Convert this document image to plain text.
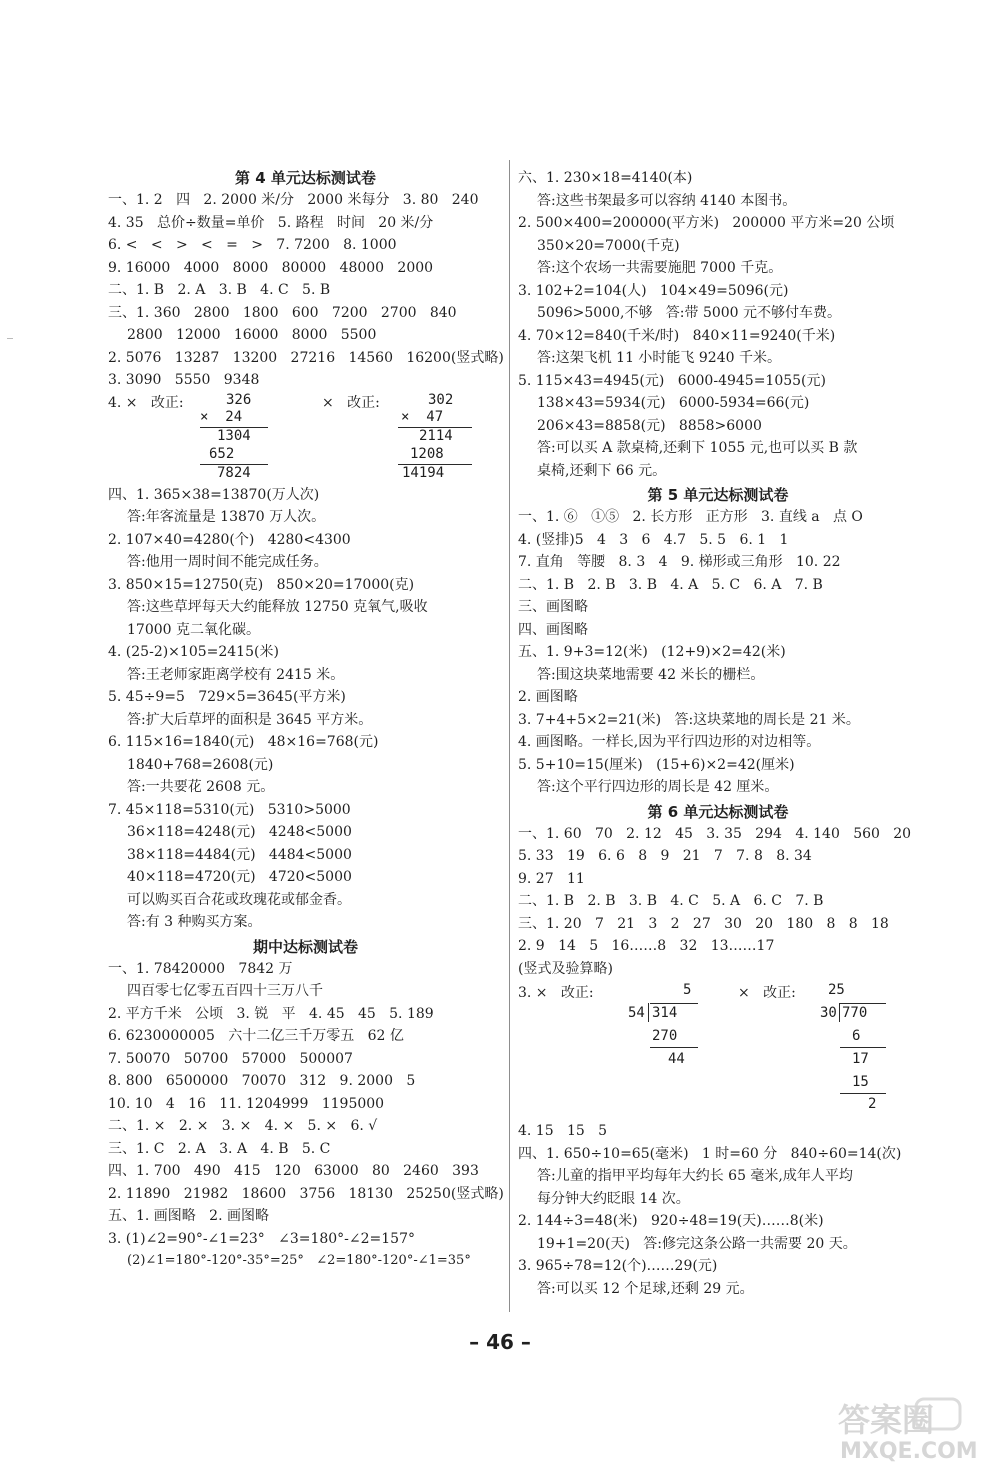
第 4 单元达标测试卷
一、1. 2   四   2. 2000 米/分   2000 米每分   3. 80   240
4. 35   总价÷数量=单价   5. 路程   时间   20 米/分
6. <   <   >   <   =   >   7. 7200   8. 1000
9. 16000   4000   8000   80000   48000   2000
二、1. B   2. A   3. B   4. C   5. B
三、1. 360   2800   1800   600   7200   2700   840
2800   12000   16000   8000   5500
2. 5076   13287   13200   27216   14560   16200(竖式略)
3. 3090   5550   9348
4. ×   改正:	326
×  24
1304
652
7824
×   改正:	302
×  47
2114
1208
14194
四、1. 365×38=13870(万人次)
答:年客流量是 13870 万人次。
2. 107×40=4280(个)   4280<4300
答:他用一周时间不能完成任务。
3. 850×15=12750(克)   850×20=17000(克)
答:这些草坪每天大约能释放 12750 克氧气,吸收
17000 克二氧化碳。
4. (25-2)×105=2415(米)
答:王老师家距离学校有 2415 米。
5. 45÷9=5   729×5=3645(平方米)
答:扩大后草坪的面积是 3645 平方米。
6. 115×16=1840(元)   48×16=768(元)
1840+768=2608(元)
答:一共要花 2608 元。
7. 45×118=5310(元)   5310>5000
36×118=4248(元)   4248<5000
38×118=4484(元)   4484<5000
40×118=4720(元)   4720<5000
可以购买百合花或玫瑰花或郁金香。
答:有 3 种购买方案。
期中达标测试卷
一、1. 78420000   7842 万
四百零七亿零五百四十三万八千
2. 平方千米   公顷   3. 锐   平   4. 45   45   5. 189
6. 6230000005   六十二亿三千万零五   62 亿
7. 50070   50700   57000   500007
8. 800   6500000   70070   312   9. 2000   5
10. 10   4   16   11. 1204999   1195000
二、1. ×   2. ×   3. ×   4. ×   5. ×   6. √
三、1. C   2. A   3. A   4. B   5. C
四、1. 700   490   415   120   63000   80   2460   393
2. 11890   21982   18600   3756   18130   25250(竖式略)
五、1. 画图略   2. 画图略
3. (1)∠2=90°-∠1=23°   ∠3=180°-∠2=157°
(2)∠1=180°-120°-35°=25°   ∠2=180°-120°-∠1=35°
六、1. 230×18=4140(本)
答:这些书架最多可以容纳 4140 本图书。
2. 500×400=200000(平方米)   200000 平方米=20 公顷
350×20=7000(千克)
答:这个农场一共需要施肥 7000 千克。
3. 102+2=104(人)   104×49=5096(元)
5096>5000,不够   答:带 5000 元不够付车费。
4. 70×12=840(千米/时)   840×11=9240(千米)
答:这架飞机 11 小时能飞 9240 千米。
5. 115×43=4945(元)   6000-4945=1055(元)
138×43=5934(元)   6000-5934=66(元)
206×43=8858(元)   8858>6000
答:可以买 A 款桌椅,还剩下 1055 元,也可以买 B 款
桌椅,还剩下 66 元。
第 5 单元达标测试卷
一、1. ⑥   ①⑤   2. 长方形   正方形   3. 直线 a   点 O
4. (竖排)5   4   3   6   4.7   5. 5   6. 1   1
7. 直角   等腰   8. 3   4   9. 梯形或三角形   10. 22
二、1. B   2. B   3. B   4. A   5. C   6. A   7. B
三、画图略
四、画图略
五、1. 9+3=12(米)   (12+9)×2=42(米)
答:围这块菜地需要 42 米长的栅栏。
2. 画图略
3. 7+4+5×2=21(米)   答:这块菜地的周长是 21 米。
4. 画图略。一样长,因为平行四边形的对边相等。
5. 5+10=15(厘米)   (15+6)×2=42(厘米)
答:这个平行四边形的周长是 42 厘米。
第 6 单元达标测试卷
一、1. 60   70   2. 12   45   3. 35   294   4. 140   560   20
5. 33   19   6. 6   8   9   21   7   7. 8   8. 34
9. 27   11
二、1. B   2. B   3. B   4. C   5. A   6. C   7. B
三、1. 20   7   21   3   2   27   30   20   180   8   8   18
2. 9   14   5   16……8   32   13……17
(竖式及验算略)
3. ×   改正:	5
54 314
270
44
×   改正: 25
30 770
6
17
15
2
4. 15   15   5
四、1. 650÷10=65(毫米)   1 时=60 分   840÷60=14(次)
答:儿童的指甲平均每年大约长 65 毫米,成年人平均
每分钟大约眨眼 14 次。
2. 144÷3=48(米)   920÷48=19(天)……8(米)
19+1=20(天)   答:修完这条公路一共需要 20 天。
3. 965÷78=12(个)……29(元)
答:可以买 12 个足球,还剩 29 元。
– 46 –
答案圈
MXQE.COM
